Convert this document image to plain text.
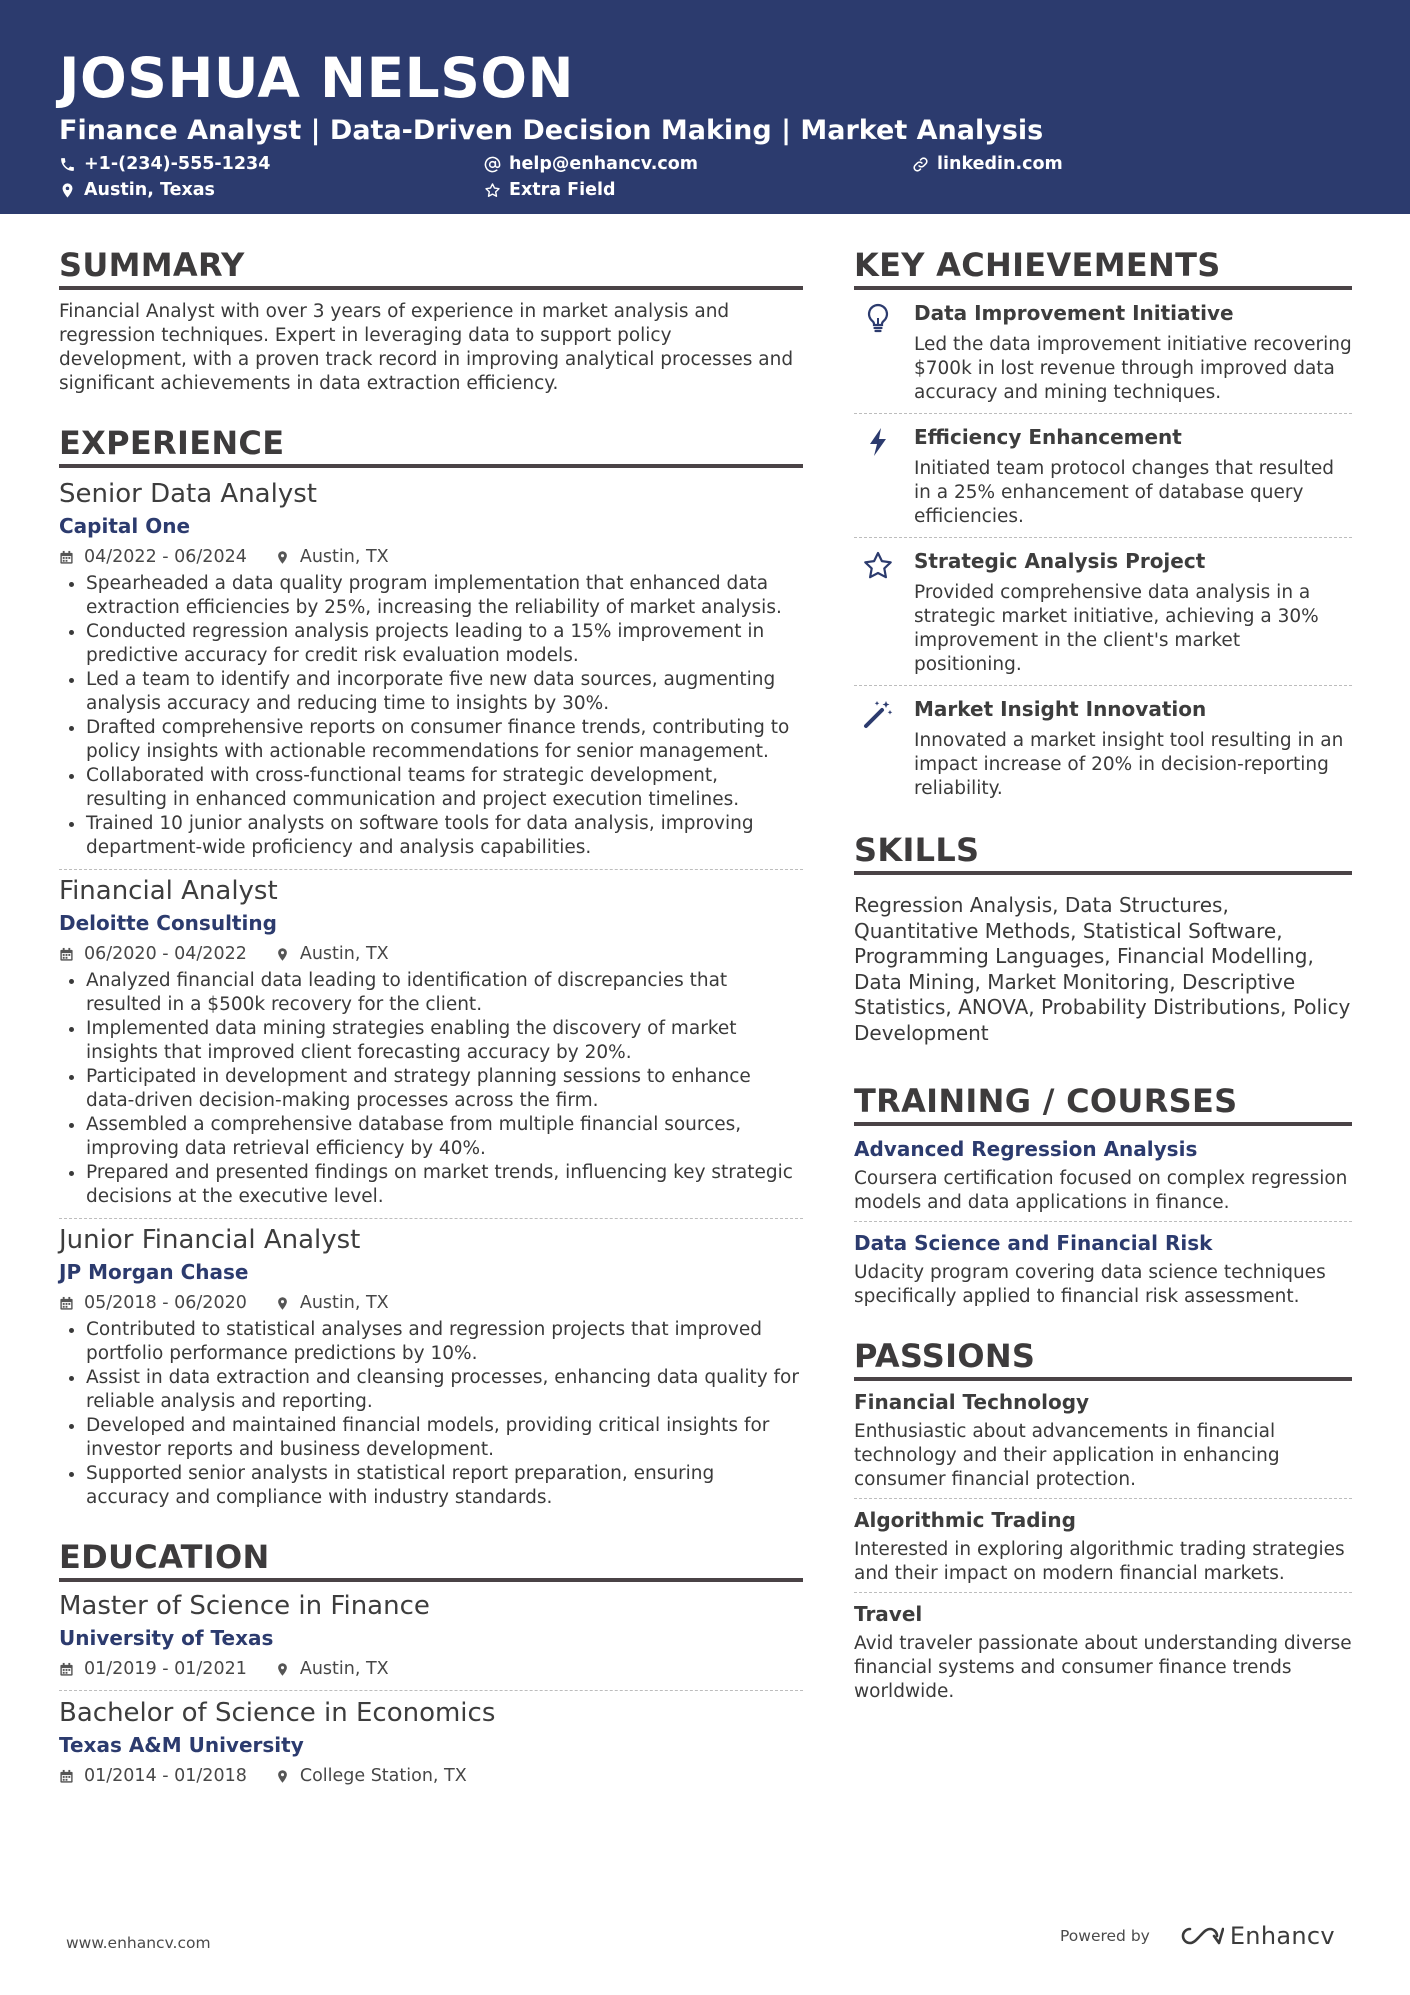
JOSHUA NELSON
Finance Analyst | Data-Driven Decision Making | Market Analysis
+1-(234)-555-1234	help@enhancv.com	linkedin.com
Austin, Texas	Extra Field
SUMMARY
Financial Analyst with over 3 years of experience in market analysis and regression techniques. Expert in leveraging data to support policy development, with a proven track record in improving analytical processes and significant achievements in data extraction efficiency.
EXPERIENCE
Senior Data Analyst
Capital One
04/2022 - 06/2024	Austin, TX
Spearheaded a data quality program implementation that enhanced data extraction efficiencies by 25%, increasing the reliability of market analysis.
Conducted regression analysis projects leading to a 15% improvement in predictive accuracy for credit risk evaluation models.
Led a team to identify and incorporate five new data sources, augmenting analysis accuracy and reducing time to insights by 30%.
Drafted comprehensive reports on consumer finance trends, contributing to policy insights with actionable recommendations for senior management.
Collaborated with cross-functional teams for strategic development, resulting in enhanced communication and project execution timelines.
Trained 10 junior analysts on software tools for data analysis, improving department-wide proficiency and analysis capabilities.
Financial Analyst
Deloitte Consulting
06/2020 - 04/2022	Austin, TX
Analyzed financial data leading to identification of discrepancies that resulted in a $500k recovery for the client.
Implemented data mining strategies enabling the discovery of market insights that improved client forecasting accuracy by 20%.
Participated in development and strategy planning sessions to enhance data-driven decision-making processes across the firm.
Assembled a comprehensive database from multiple financial sources, improving data retrieval efficiency by 40%.
Prepared and presented findings on market trends, influencing key strategic decisions at the executive level.
Junior Financial Analyst
JP Morgan Chase
05/2018 - 06/2020	Austin, TX
Contributed to statistical analyses and regression projects that improved portfolio performance predictions by 10%.
Assist in data extraction and cleansing processes, enhancing data quality for reliable analysis and reporting.
Developed and maintained financial models, providing critical insights for investor reports and business development.
Supported senior analysts in statistical report preparation, ensuring accuracy and compliance with industry standards.
EDUCATION
Master of Science in Finance
University of Texas
01/2019 - 01/2021	Austin, TX
Bachelor of Science in Economics
Texas A&M University
01/2014 - 01/2018	College Station, TX
KEY ACHIEVEMENTS
Data Improvement Initiative
Led the data improvement initiative recovering $700k in lost revenue through improved data accuracy and mining techniques.
Efficiency Enhancement
Initiated team protocol changes that resulted in a 25% enhancement of database query efficiencies.
Strategic Analysis Project
Provided comprehensive data analysis in a strategic market initiative, achieving a 30% improvement in the client's market positioning.
Market Insight Innovation
Innovated a market insight tool resulting in an impact increase of 20% in decision-reporting reliability.
SKILLS
Regression Analysis, Data Structures, Quantitative Methods, Statistical Software, Programming Languages, Financial Modelling, Data Mining, Market Monitoring, Descriptive Statistics, ANOVA, Probability Distributions, Policy Development
TRAINING / COURSES
Advanced Regression Analysis
Coursera certification focused on complex regression models and data applications in finance.
Data Science and Financial Risk
Udacity program covering data science techniques specifically applied to financial risk assessment.
PASSIONS
Financial Technology
Enthusiastic about advancements in financial technology and their application in enhancing consumer financial protection.
Algorithmic Trading
Interested in exploring algorithmic trading strategies and their impact on modern financial markets.
Travel
Avid traveler passionate about understanding diverse financial systems and consumer finance trends worldwide.
www.enhancv.com	Powered by	Enhancv
